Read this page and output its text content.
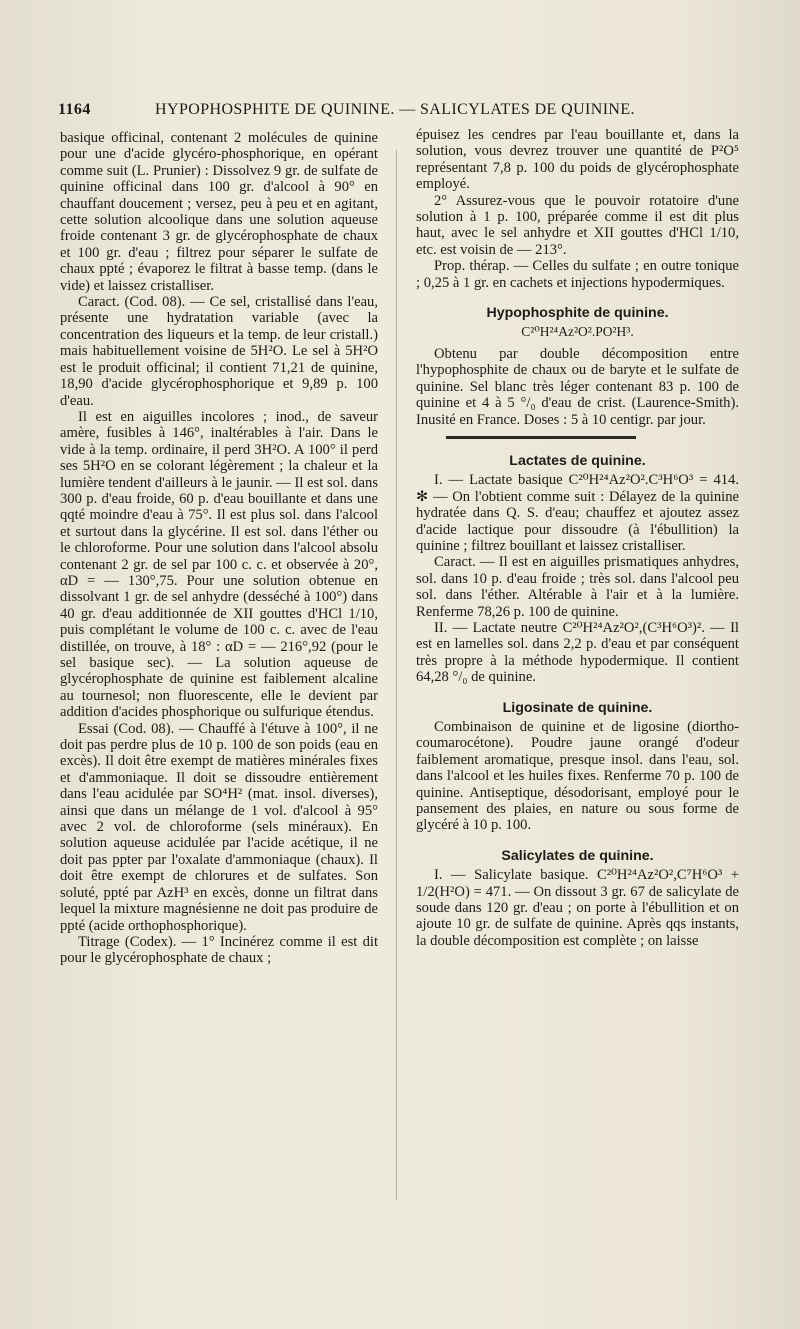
1164	HYPOPHOSPHITE DE QUININE. — SALICYLATES DE QUININE.

basique officinal, contenant 2 molécules de quinine pour une d'acide glycéro-phosphorique, en opérant comme suit (L. Prunier) : Dissolvez 9 gr. de sulfate de quinine officinal dans 100 gr. d'alcool à 90° en chauffant doucement ; versez, peu à peu et en agitant, cette solution alcoolique dans une solution aqueuse froide contenant 3 gr. de glycérophosphate de chaux et 100 gr. d'eau ; filtrez pour séparer le sulfate de chaux ppté ; évaporez le filtrat à basse temp. (dans le vide) et laissez cristalliser.

Caract. (Cod. 08). — Ce sel, cristallisé dans l'eau, présente une hydratation variable (avec la concentration des liqueurs et la temp. de leur cristall.) mais habituellement voisine de 5H²O. Le sel à 5H²O est le produit officinal; il contient 71,21 de quinine, 18,90 d'acide glycérophosphorique et 9,89 p. 100 d'eau.

Il est en aiguilles incolores ; inod., de saveur amère, fusibles à 146°, inaltérables à l'air. Dans le vide à la temp. ordinaire, il perd 3H²O. A 100° il perd ses 5H²O en se colorant légèrement ; la chaleur et la lumière tendent d'ailleurs à le jaunir. — Il est sol. dans 300 p. d'eau froide, 60 p. d'eau bouillante et dans une qqté moindre d'eau à 75°. Il est plus sol. dans l'alcool et surtout dans la glycérine. Il est sol. dans l'éther ou le chloroforme. Pour une solution dans l'alcool absolu contenant 2 gr. de sel par 100 c. c. et observée à 20°, αD = — 130°,75. Pour une solution obtenue en dissolvant 1 gr. de sel anhydre (desséché à 100°) dans 40 gr. d'eau additionnée de XII gouttes d'HCl 1/10, puis complétant le volume de 100 c. c. avec de l'eau distillée, on trouve, à 18° : αD = — 216°,92 (pour le sel basique sec). — La solution aqueuse de glycérophosphate de quinine est faiblement alcaline au tournesol; non fluorescente, elle le devient par addition d'acides phosphorique ou sulfurique étendus.

Essai (Cod. 08). — Chauffé à l'étuve à 100°, il ne doit pas perdre plus de 10 p. 100 de son poids (eau en excès). Il doit être exempt de matières minérales fixes et d'ammoniaque. Il doit se dissoudre entièrement dans l'eau acidulée par SO⁴H² (mat. insol. diverses), ainsi que dans un mélange de 1 vol. d'alcool à 95° avec 2 vol. de chloroforme (sels minéraux). En solution aqueuse acidulée par l'acide acétique, il ne doit pas ppter par l'oxalate d'ammoniaque (chaux). Il doit être exempt de chlorures et de sulfates. Son soluté, ppté par AzH³ en excès, donne un filtrat dans lequel la mixture magnésienne ne doit pas produire de ppté (acide orthophosphorique).

Titrage (Codex). — 1° Incinérez comme il est dit pour le glycérophosphate de chaux ;

épuisez les cendres par l'eau bouillante et, dans la solution, vous devrez trouver une quantité de P²O⁵ représentant 7,8 p. 100 du poids de glycérophosphate employé.

2° Assurez-vous que le pouvoir rotatoire d'une solution à 1 p. 100, préparée comme il est dit plus haut, avec le sel anhydre et XII gouttes d'HCl 1/10, etc. est voisin de — 213°.

Prop. thérap. — Celles du sulfate ; en outre tonique ; 0,25 à 1 gr. en cachets et injections hypodermiques.

Hypophosphite de quinine.
C²⁰H²⁴Az²O².PO²H³.

Obtenu par double décomposition entre l'hypophosphite de chaux ou de baryte et le sulfate de quinine. Sel blanc très léger contenant 83 p. 100 de quinine et 4 à 5 °/₀ d'eau de crist. (Laurence-Smith). Inusité en France. Doses : 5 à 10 centigr. par jour.

Lactates de quinine.

I. — Lactate basique C²⁰H²⁴Az²O².C³H⁶O³ = 414. ✻ — On l'obtient comme suit : Délayez de la quinine hydratée dans Q. S. d'eau; chauffez et ajoutez assez d'acide lactique pour dissoudre (à l'ébullition) la quinine ; filtrez bouillant et laissez cristalliser.

Caract. — Il est en aiguilles prismatiques anhydres, sol. dans 10 p. d'eau froide ; très sol. dans l'alcool peu sol. dans l'éther. Altérable à l'air et à la lumière. Renferme 78,26 p. 100 de quinine.

II. — Lactate neutre C²⁰H²⁴Az²O²,(C³H⁶O³)². — Il est en lamelles sol. dans 2,2 p. d'eau et par conséquent très propre à la méthode hypodermique. Il contient 64,28 °/₀ de quinine.

Ligosinate de quinine.

Combinaison de quinine et de ligosine (diortho-coumarocétone). Poudre jaune orangé d'odeur faiblement aromatique, presque insol. dans l'eau, sol. dans l'alcool et les huiles fixes. Renferme 70 p. 100 de quinine. Antiseptique, désodorisant, employé pour le pansement des plaies, en nature ou sous forme de glycéré à 10 p. 100.

Salicylates de quinine.

I. — Salicylate basique. C²⁰H²⁴Az²O²,C⁷H⁶O³ + 1/2(H²O) = 471. — On dissout 3 gr. 67 de salicylate de soude dans 120 gr. d'eau ; on porte à l'ébullition et on ajoute 10 gr. de sulfate de quinine. Après qqs instants, la double décomposition est complète ; on laisse
